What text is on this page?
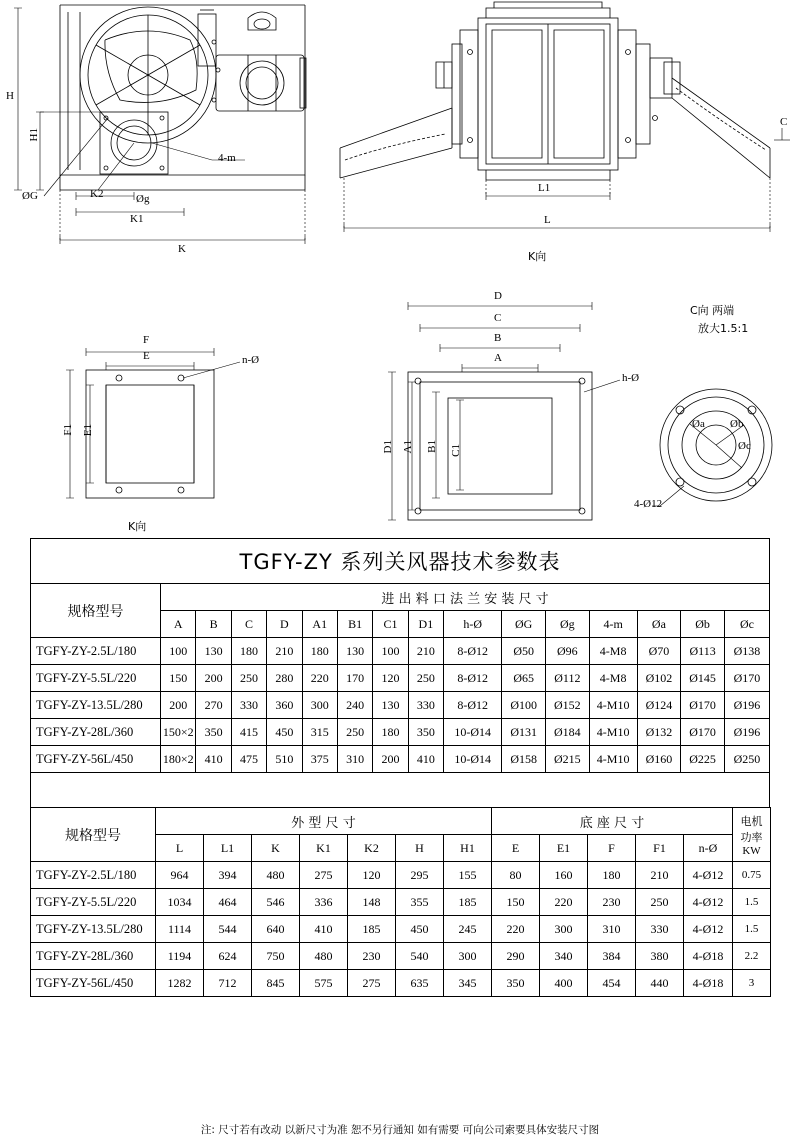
H
H1
ØG	K2
K1
Øg
K
4-m
L1
L
C
K向
F
E
F1 E1
n-Ø
K向
D
C
B
A
D1 A1 B1 C1
h-Ø
C向 两端
放大1.5:1
Øa Øb
Øc
4-Ø12
TGFY-ZY 系列关风器技术参数表															
规格型号	进 出 料 口 法 兰 安 装 尺 寸														
	A	B	C	D	A1	B1	C1	D1	h-Ø	ØG	Øg	4-m	Øa	Øb	Øc
TGFY-ZY-2.5L/180	100	130	180	210	180	130	100	210	8-Ø12	Ø50	Ø96	4-M8	Ø70	Ø113	Ø138
TGFY-ZY-5.5L/220	150	200	250	280	220	170	120	250	8-Ø12	Ø65	Ø112	4-M8	Ø102	Ø145	Ø170
TGFY-ZY-13.5L/280	200	270	330	360	300	240	130	330	8-Ø12	Ø100	Ø152	4-M10	Ø124	Ø170	Ø196
TGFY-ZY-28L/360	150×2	350	415	450	315	250	180	350	10-Ø14	Ø131	Ø184	4-M10	Ø132	Ø170	Ø196
TGFY-ZY-56L/450	180×2	410	475	510	375	310	200	410	10-Ø14	Ø158	Ø215	4-M10	Ø160	Ø225	Ø250

规格型号	外 型 尺 寸							底 座 尺 寸					电机
功率
KW
	L	L1	K	K1	K2	H	H1	E	E1	F	F1	n-Ø	
TGFY-ZY-2.5L/180	964	394	480	275	120	295	155	80	160	180	210	4-Ø12	0.75
TGFY-ZY-5.5L/220	1034	464	546	336	148	355	185	150	220	230	250	4-Ø12	1.5
TGFY-ZY-13.5L/280	1114	544	640	410	185	450	245	220	300	310	330	4-Ø12	1.5
TGFY-ZY-28L/360	1194	624	750	480	230	540	300	290	340	384	380	4-Ø18	2.2
TGFY-ZY-56L/450	1282	712	845	575	275	635	345	350	400	454	440	4-Ø18	3
注: 尺寸若有改动 以新尺寸为准 恕不另行通知 如有需要 可向公司索要具体安装尺寸图
